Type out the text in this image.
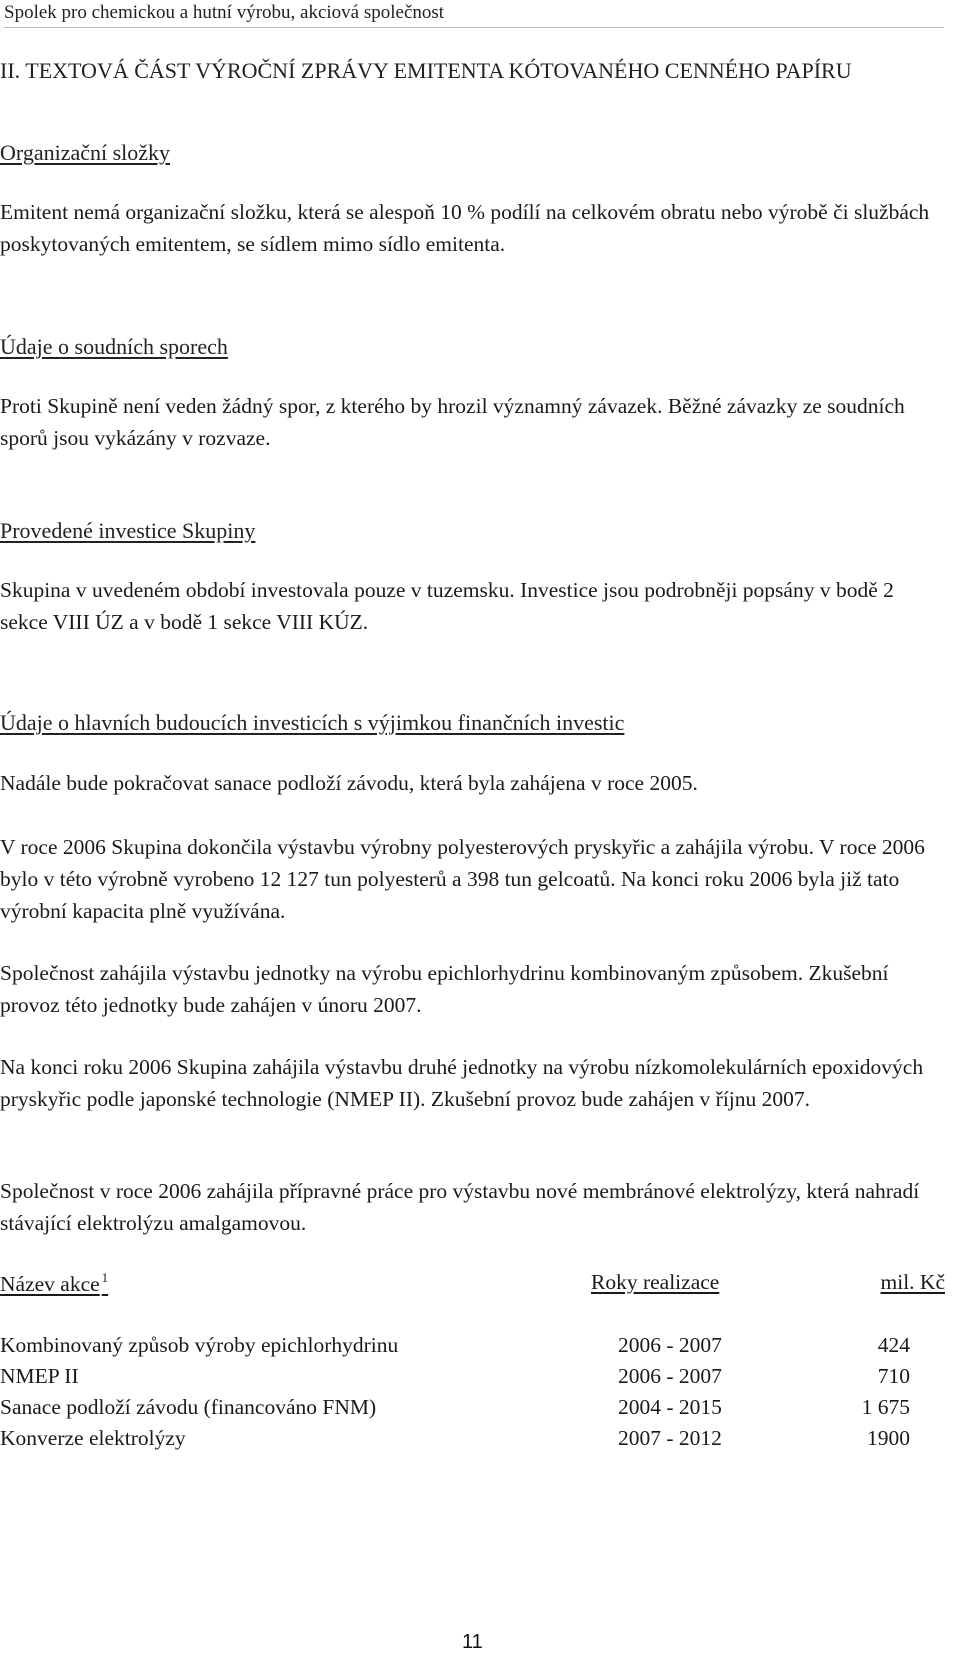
Spolek pro chemickou a hutní výrobu, akciová společnost
II. TEXTOVÁ ČÁST VÝROČNÍ ZPRÁVY EMITENTA KÓTOVANÉHO CENNÉHO PAPÍRU
Organizační složky
Emitent nemá organizační složku, která se alespoň 10 % podílí na celkovém obratu nebo výrobě či službách poskytovaných emitentem, se sídlem mimo sídlo emitenta.
Údaje o soudních sporech
Proti Skupině není veden žádný spor, z kterého by hrozil významný závazek. Běžné závazky ze soudních sporů jsou vykázány v rozvaze.
Provedené investice Skupiny
Skupina v uvedeném období investovala pouze v tuzemsku. Investice jsou podrobněji popsány v bodě 2 sekce VIII ÚZ a v bodě 1 sekce VIII KÚZ.
Údaje o hlavních budoucích investicích s výjimkou finančních investic
Nadále bude pokračovat sanace podloží závodu, která byla zahájena v roce 2005.
V roce 2006 Skupina dokončila výstavbu výrobny polyesterových pryskyřic a zahájila výrobu. V roce 2006 bylo v této výrobně vyrobeno 12 127 tun polyesterů a 398 tun gelcoatů. Na konci roku 2006 byla již tato výrobní kapacita plně využívána.
Společnost zahájila výstavbu jednotky na výrobu epichlorhydrinu kombinovaným způsobem. Zkušební provoz této jednotky bude zahájen v únoru 2007.
Na konci roku 2006 Skupina zahájila výstavbu druhé jednotky na výrobu nízkomolekulárních epoxidových pryskyřic podle japonské technologie (NMEP II). Zkušební provoz bude zahájen v říjnu 2007.
Společnost v roce 2006 zahájila přípravné práce pro výstavbu nové membránové elektrolýzy, která nahradí stávající elektrolýzu amalgamovou.
Název akce $^1$	Roky realizace	mil. Kč
Kombinovaný způsob výroby epichlorhydrinu	2006 - 2007	424
NMEP II	2006 - 2007	710
Sanace podloží závodu (financováno FNM)	2004 - 2015	1 675
Konverze elektrolýzy	2007 - 2012	1900
11
